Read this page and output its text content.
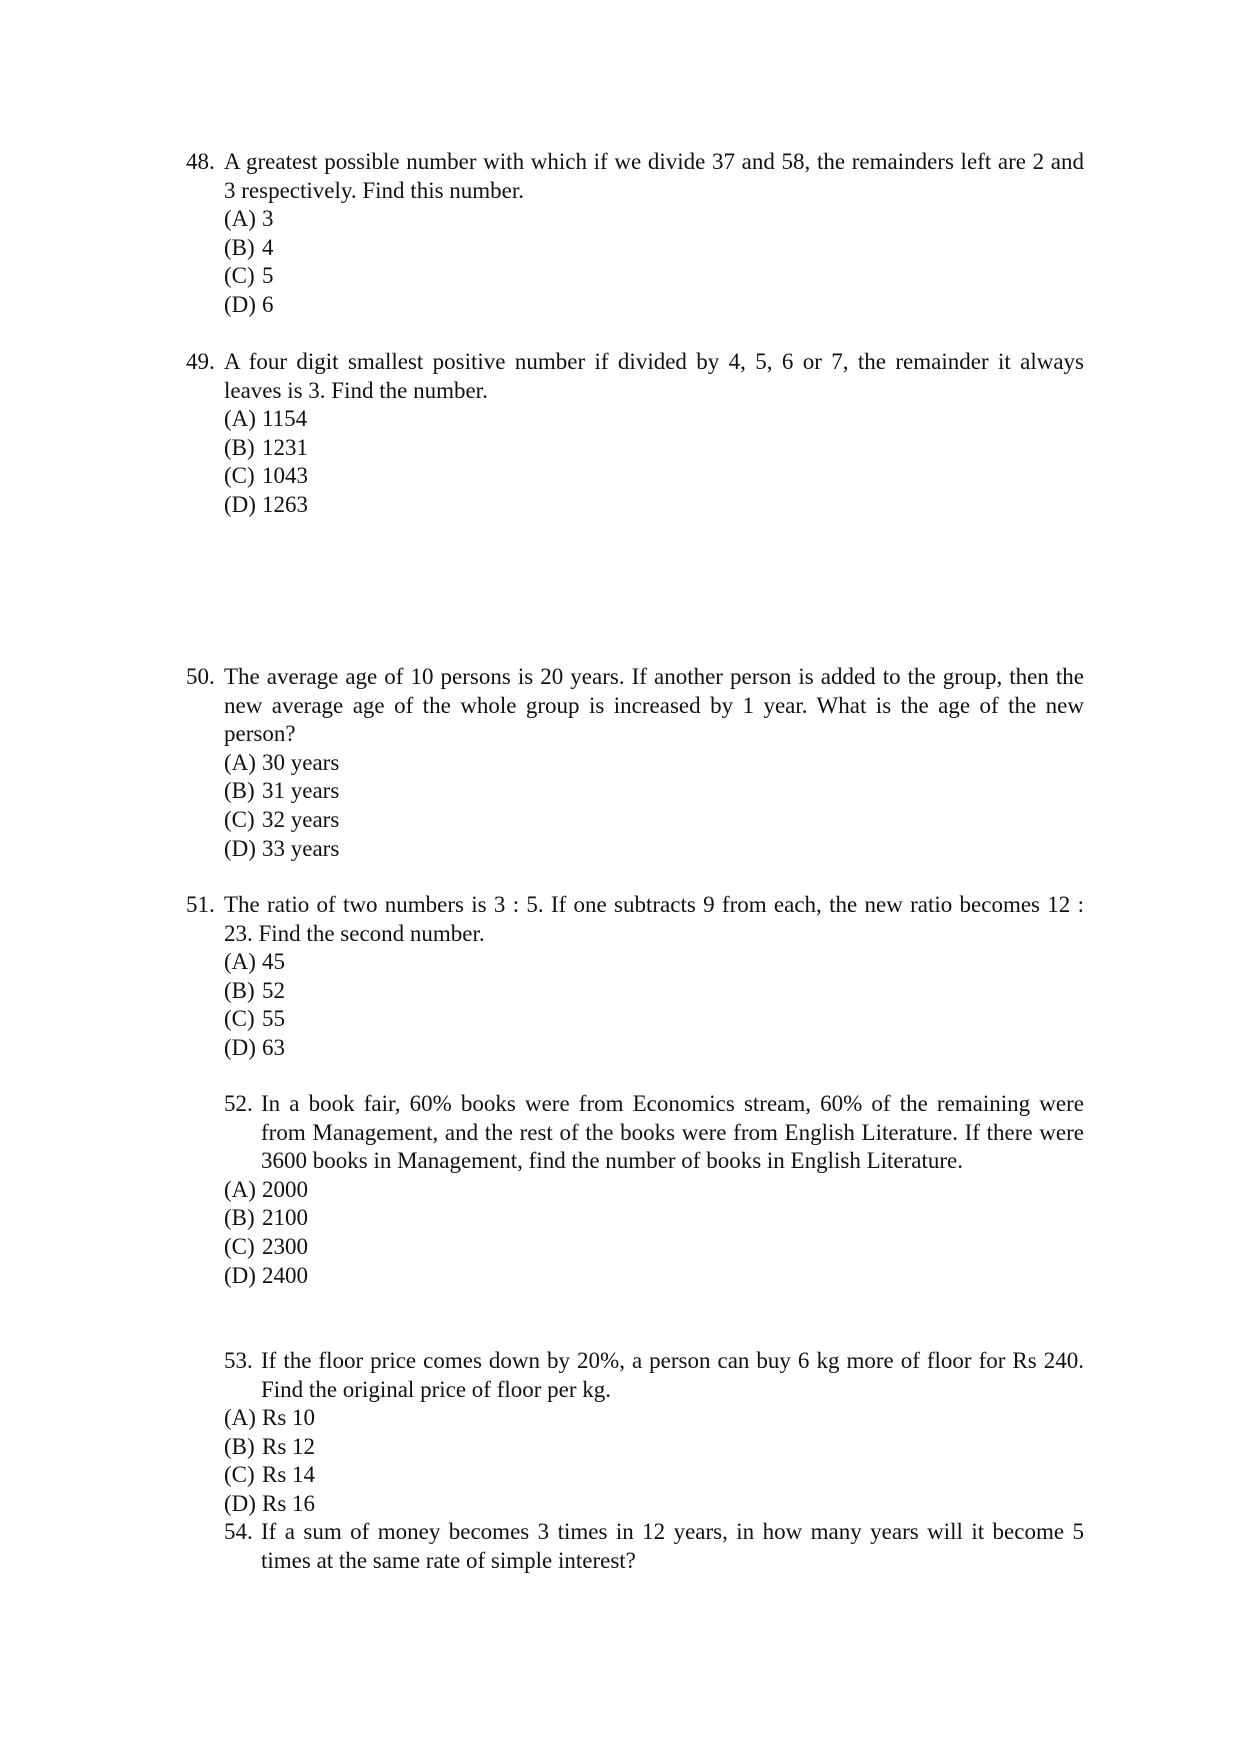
48. A greatest possible number with which if we divide 37 and 58, the remainders left are 2 and 3 respectively. Find this number.
(A) 3
(B) 4
(C) 5
(D) 6
49. A four digit smallest positive number if divided by 4, 5, 6 or 7, the remainder it always leaves is 3. Find the number.
(A) 1154
(B) 1231
(C) 1043
(D) 1263
50. The average age of 10 persons is 20 years. If another person is added to the group, then the new average age of the whole group is increased by 1 year. What is the age of the new person?
(A) 30 years
(B) 31 years
(C) 32 years
(D) 33 years
51. The ratio of two numbers is 3 : 5. If one subtracts 9 from each, the new ratio becomes 12 : 23. Find the second number.
(A) 45
(B) 52
(C) 55
(D) 63
52. In a book fair, 60% books were from Economics stream, 60% of the remaining were from Management, and the rest of the books were from English Literature. If there were 3600 books in Management, find the number of books in English Literature.
(A) 2000
(B) 2100
(C) 2300
(D) 2400
53. If the floor price comes down by 20%, a person can buy 6 kg more of floor for Rs 240. Find the original price of floor per kg.
(A) Rs 10
(B) Rs 12
(C) Rs 14
(D) Rs 16
54. If a sum of money becomes 3 times in 12 years, in how many years will it become 5 times at the same rate of simple interest?
